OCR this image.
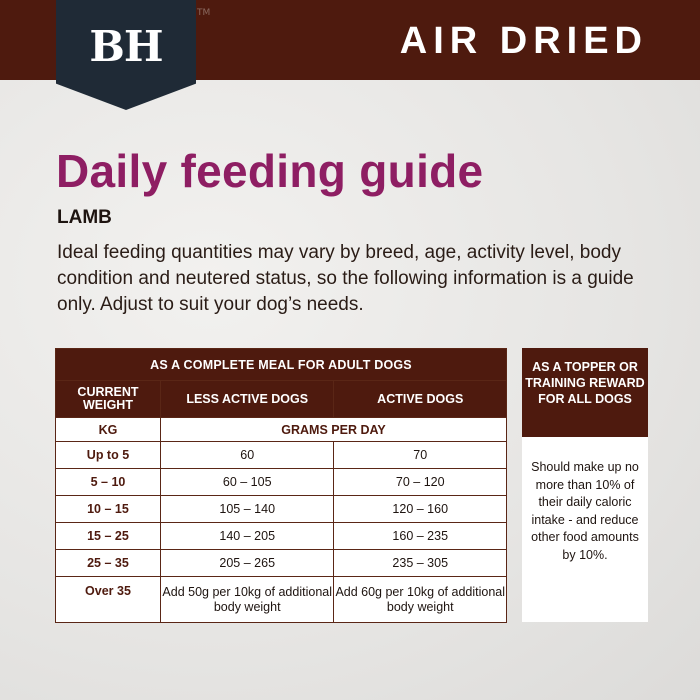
BH
TM
AIR DRIED
Daily feeding guide
LAMB

Ideal feeding quantities may vary by breed, age, activity level, body condition and neutered status, so the following information is a guide only. Adjust to suit your dog’s needs.

AS A COMPLETE MEAL FOR ADULT DOGS		
CURRENT WEIGHT	LESS ACTIVE DOGS	ACTIVE DOGS
KG	GRAMS PER DAY	
Up to 5	60	70
5 – 10	60 – 105	70 – 120
10 – 15	105 – 140	120 – 160
15 – 25	140 – 205	160 – 235
25 – 35	205 – 265	235 – 305
Over 35	Add 50g per 10kg of additional body weight	Add 60g per 10kg of additional body weight
AS A TOPPER OR TRAINING REWARD FOR ALL DOGS
Should make up no more than 10% of their daily caloric intake - and reduce other food amounts by 10%.
